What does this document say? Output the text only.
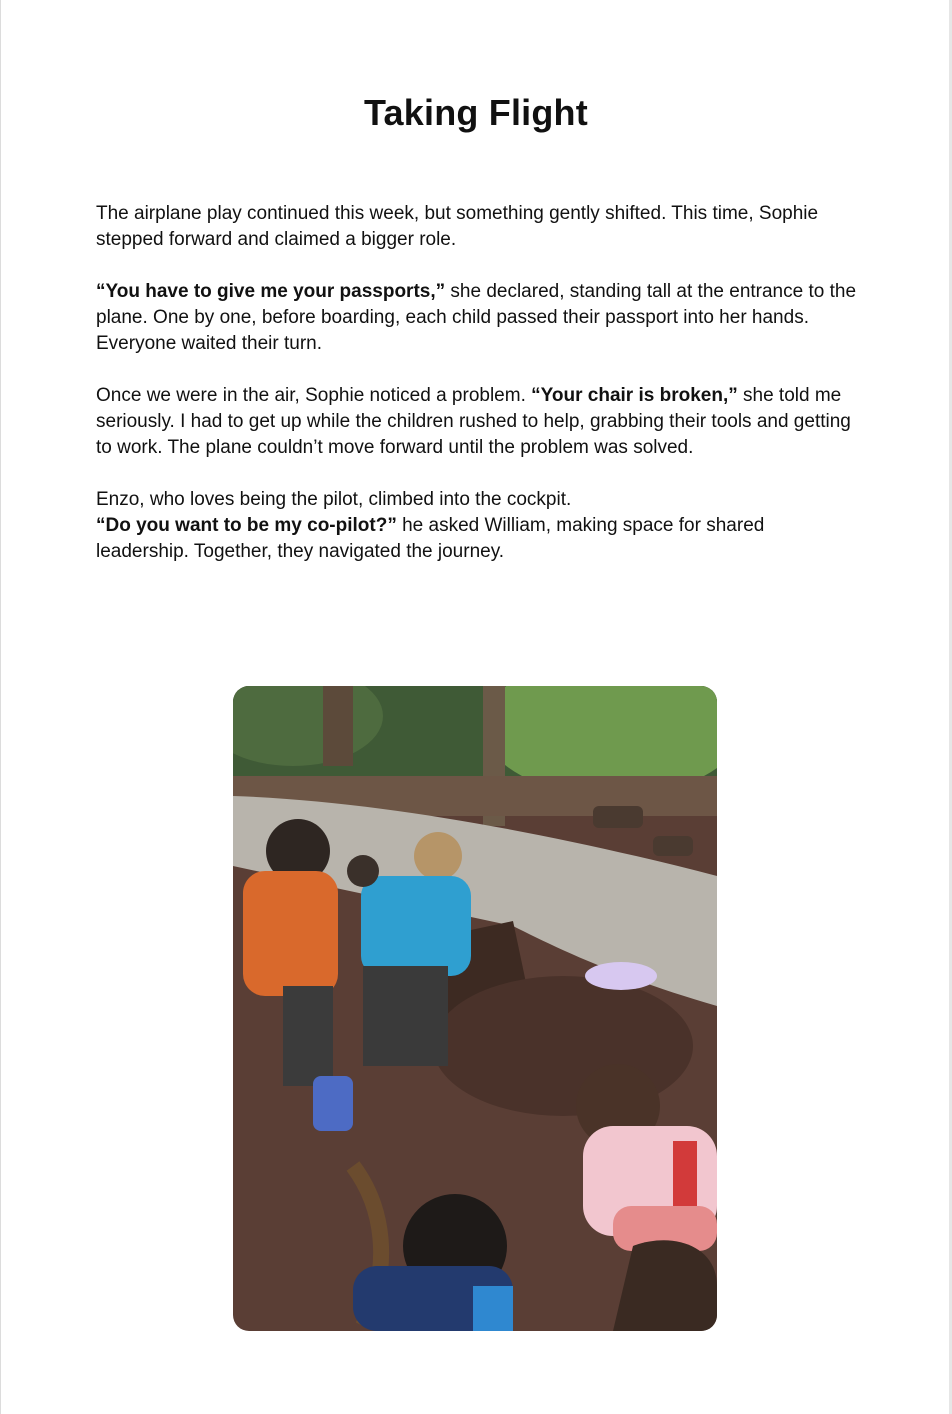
Taking Flight

The airplane play continued this week, but something gently shifted. This time, Sophie stepped forward and claimed a bigger role.

“You have to give me your passports,” she declared, standing tall at the entrance to the plane. One by one, before boarding, each child passed their passport into her hands. Everyone waited their turn.

Once we were in the air, Sophie noticed a problem. “Your chair is broken,” she told me seriously. I had to get up while the children rushed to help, grabbing their tools and getting to work. The plane couldn’t move forward until the problem was solved.

Enzo, who loves being the pilot, climbed into the cockpit.
“Do you want to be my co-pilot?” he asked William, making space for shared leadership. Together, they navigated the journey.
